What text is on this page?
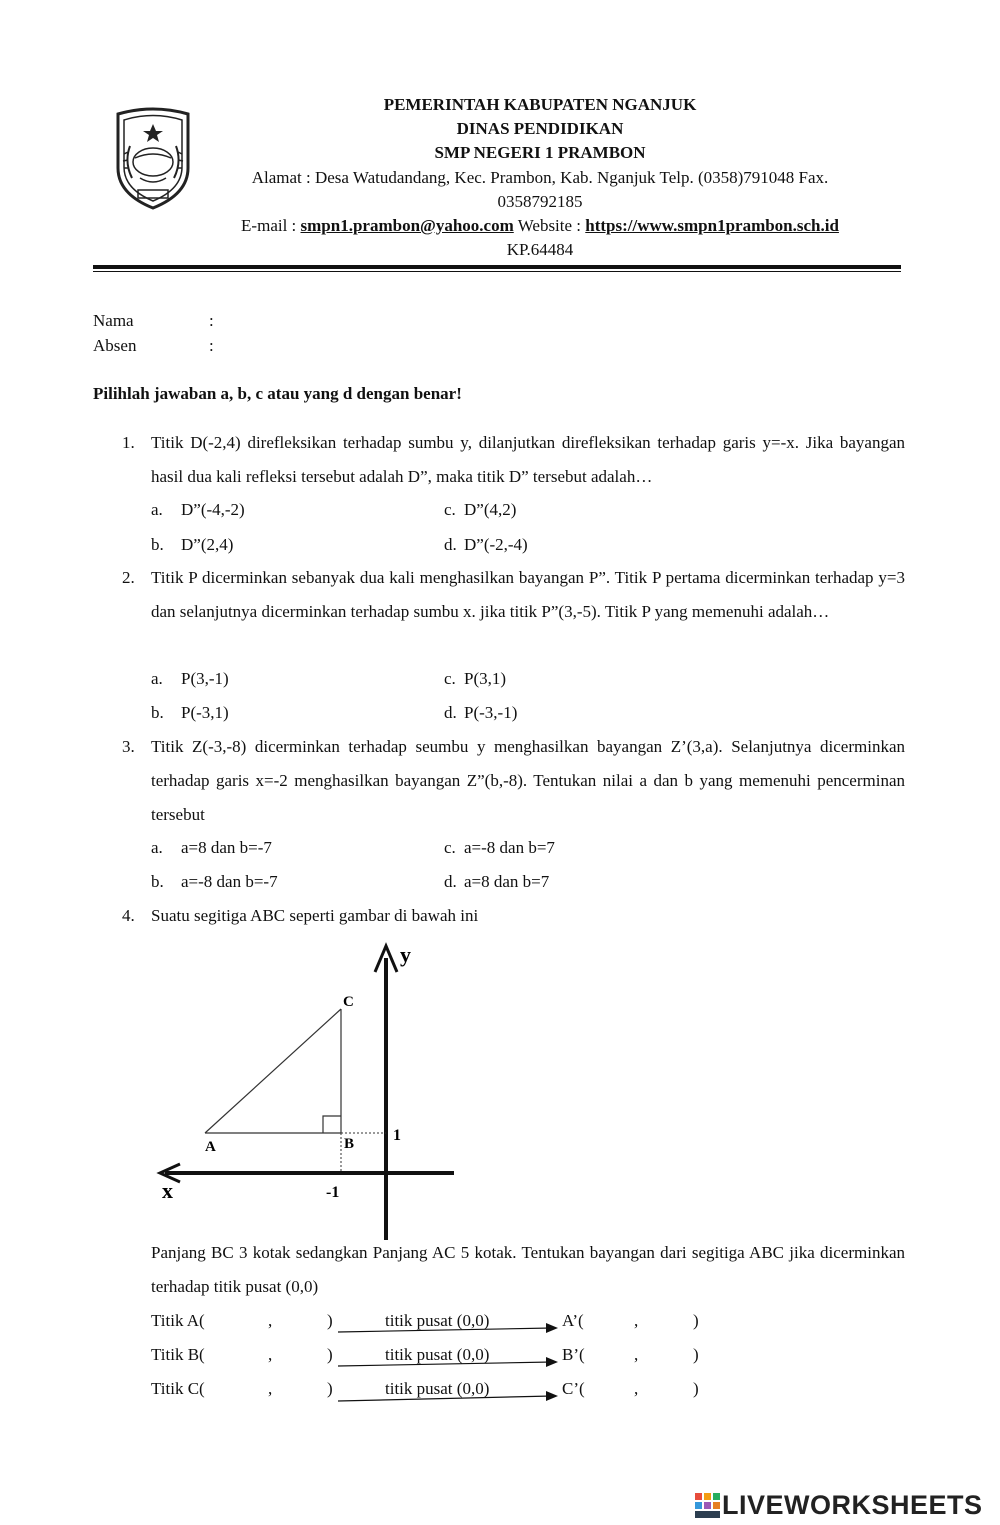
PEMERINTAH KABUPATEN NGANJUK
DINAS PENDIDIKAN
SMP NEGERI 1 PRAMBON
Alamat : Desa Watudandang, Kec. Prambon, Kab. Nganjuk Telp. (0358)791048 Fax.
0358792185
E-mail : smpn1.prambon@yahoo.com Website : https://www.smpn1prambon.sch.id
KP.64484
Nama	:
Absen	:
Pilihlah jawaban a, b, c atau yang d dengan benar!
1. Titik D(-2,4) direfleksikan terhadap sumbu y, dilanjutkan direfleksikan terhadap garis y=-x. Jika bayangan hasil dua kali refleksi tersebut adalah D”, maka titik D” tersebut adalah…
a. D”(-4,-2)	c. D”(4,2)
b. D”(2,4)	d. D”(-2,-4)
2. Titik P dicerminkan sebanyak dua kali menghasilkan bayangan P”. Titik P pertama dicerminkan terhadap y=3 dan selanjutnya dicerminkan terhadap sumbu x. jika titik P”(3,-5). Titik P yang memenuhi adalah…
a. P(3,-1)	c. P(3,1)
b. P(-3,1)	d. P(-3,-1)
3. Titik Z(-3,-8) dicerminkan terhadap seumbu y menghasilkan bayangan Z’(3,a). Selanjutnya dicerminkan terhadap garis x=-2 menghasilkan bayangan Z”(b,-8). Tentukan nilai a dan b yang memenuhi pencerminan tersebut
a. a=8 dan b=-7	c. a=-8 dan b=7
b. a=-8 dan b=-7	d. a=8 dan b=7
4. Suatu segitiga ABC seperti gambar di bawah ini
y
x
C
A	B 1
-1
Panjang BC 3 kotak sedangkan Panjang AC 5 kotak. Tentukan bayangan dari segitiga ABC jika dicerminkan terhadap titik pusat (0,0)
Titik A(	,	)	titik pusat (0,0)	A’(	,	)
Titik B(	,	)	titik pusat (0,0)	B’(	,	)
Titik C(	,	)	titik pusat (0,0)	C’(	,	)
LIVEWORKSHEETS
